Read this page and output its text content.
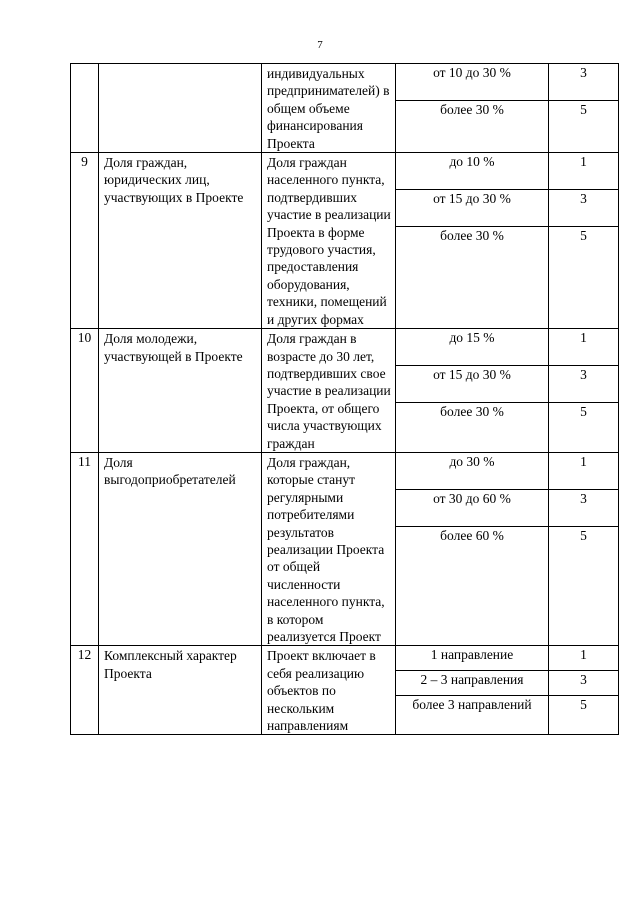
7
		индивидуальных предпринимателей) в общем объеме финансирования Проекта	от 10 до 30 %	3
			более 30 %	5
9	Доля граждан, юридических лиц, участвующих в Проекте	Доля граждан населенного пункта, подтвердивших участие в реализации Проекта в форме трудового участия, предоставления оборудования, техники, помещений и других формах	до 10 %	1
			от 15 до 30 %	3
			более 30 %	5
10	Доля молодежи, участвующей в Проекте	Доля граждан в возрасте до 30 лет, подтвердивших свое участие в реализации Проекта, от общего числа участвующих граждан	до 15 %	1
			от 15 до 30 %	3
			более 30 %	5
11	Доля выгодоприобретателей	Доля граждан, которые станут регулярными потребителями результатов реализации Проекта от общей численности населенного пункта, в котором реализуется Проект	до 30 %	1
			от 30 до 60 %	3
			более 60 %	5
12	Комплексный характер Проекта	Проект включает в себя реализацию объектов по нескольким направлениям	1 направление	1
			2 – 3 направления	3
			более 3 направлений	5
